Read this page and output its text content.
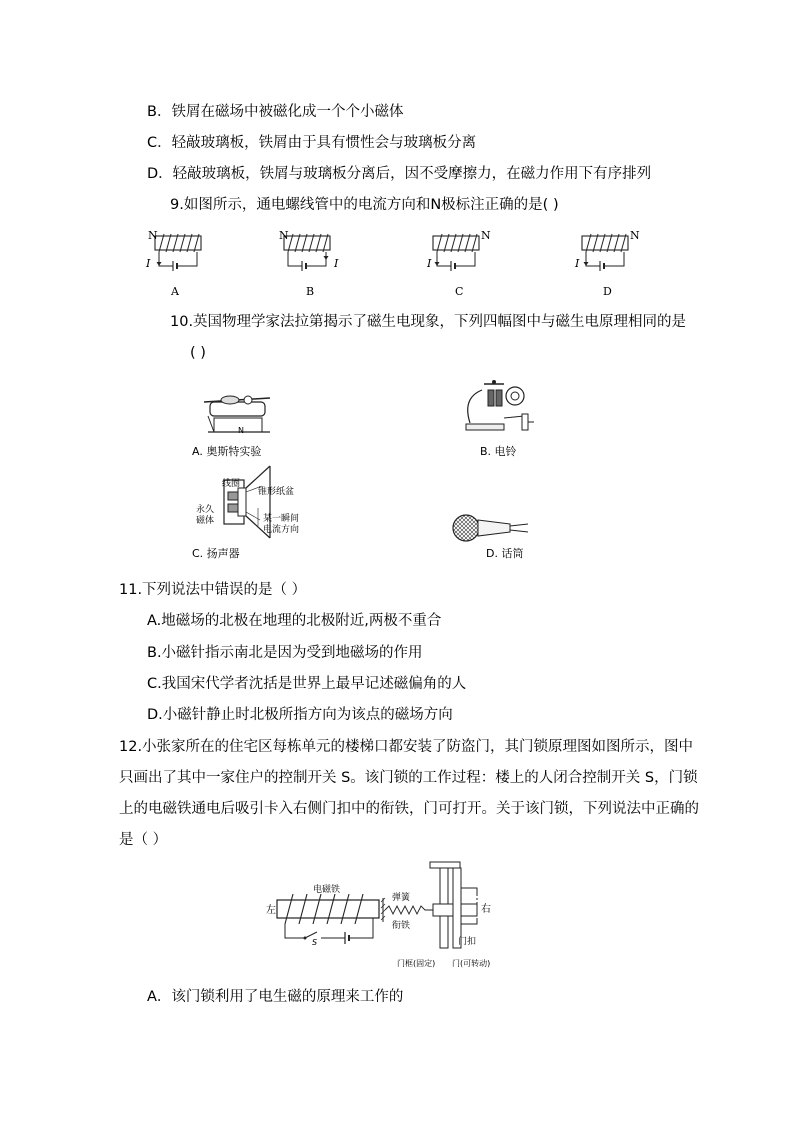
B．铁屑在磁场中被磁化成一个个小磁体
C．轻敲玻璃板，铁屑由于具有惯性会与玻璃板分离
D．轻敲玻璃板，铁屑与玻璃板分离后，因不受摩擦力，在磁力作用下有序排列
9.如图所示，通电螺线管中的电流方向和N极标注正确的是( )
N
I
A
N
I
B
N
I
C
N
I
D
10.英国物理学家法拉第揭示了磁生电现象，下列四幅图中与磁生电原理相同的是
( )
N
A. 奥斯特实验	B. 电铃
线圈
锥形纸盆
永久
磁体	某一瞬间
电流方向
C. 扬声器	D. 话筒
11.下列说法中错误的是（ ）
A.地磁场的北极在地理的北极附近,两极不重合
B.小磁针指示南北是因为受到地磁场的作用
C.我国宋代学者沈括是世界上最早记述磁偏角的人
D.小磁针静止时北极所指方向为该点的磁场方向
12.小张家所在的住宅区每栋单元的楼梯口都安装了防盗门，其门锁原理图如图所示，图中
只画出了其中一家住户的控制开关 S。该门锁的工作过程：楼上的人闭合控制开关 S，门锁
上的电磁铁通电后吸引卡入右侧门扣中的衔铁，门可打开。关于该门锁，下列说法中正确的
是（ ）
电磁铁
左
弹簧
衔铁
右
门扣
S
门框(固定) 门(可转动)
A．该门锁利用了电生磁的原理来工作的
